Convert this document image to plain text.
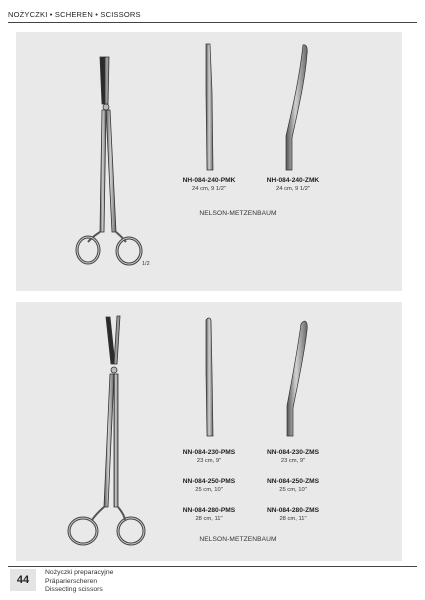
NOŻYCZKI • SCHEREN • SCISSORS
1/2
NH-084-240-PMK
24 cm, 9 1/2"
NH-084-240-ZMK
24 cm, 9 1/2"
NELSON-METZENBAUM
NN-084-230-PMS
23 cm, 9"
NN-084-230-ZMS
23 cm, 9"
NN-084-250-PMS
25 cm, 10"
NN-084-250-ZMS
25 cm, 10"
NN-084-280-PMS
28 cm, 11"
NN-084-280-ZMS
28 cm, 11"
NELSON-METZENBAUM
44
Nożyczki preparacyjne
Präparierscheren
Dissecting scissors
